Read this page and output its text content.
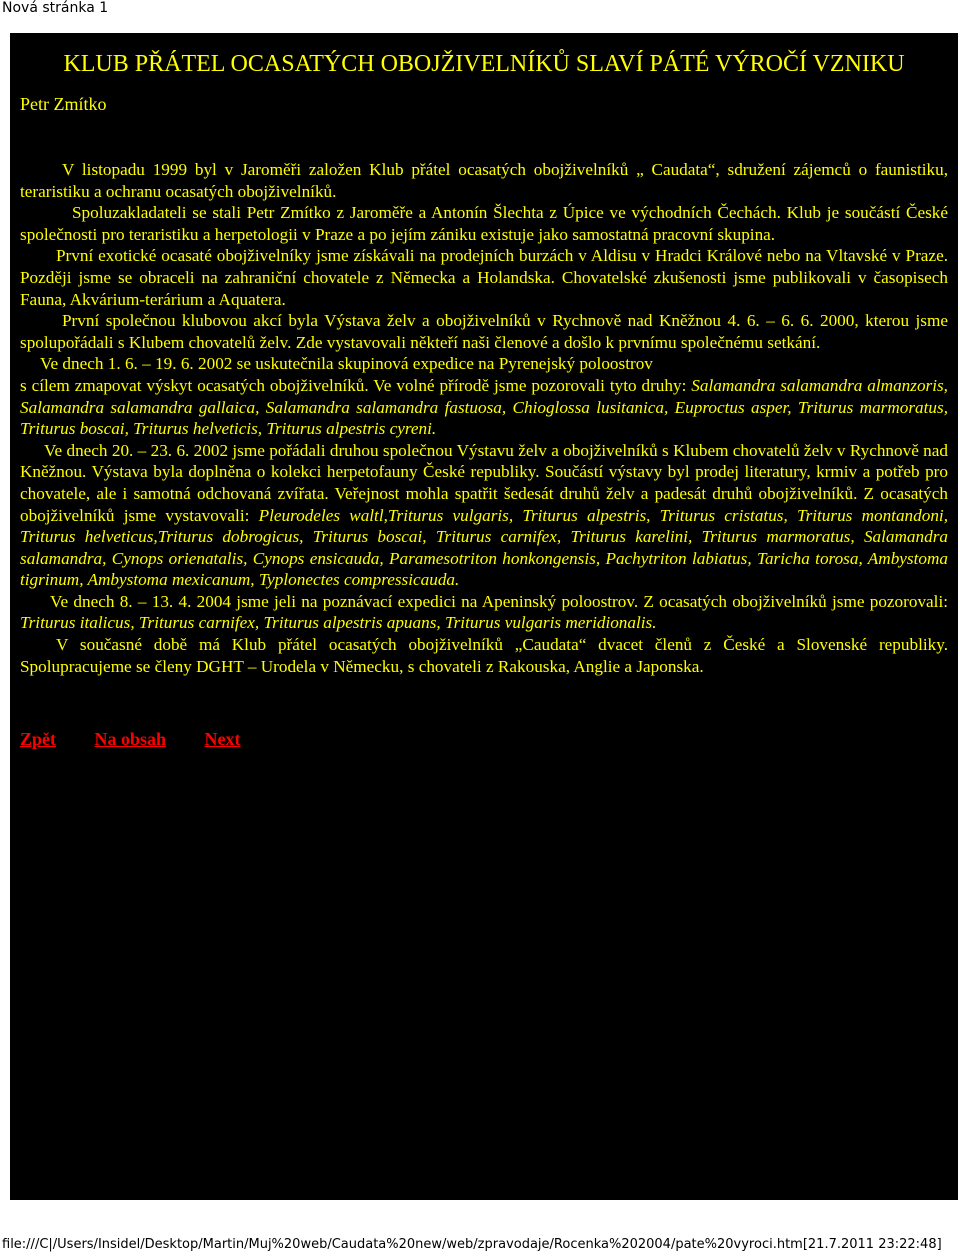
Nová stránka 1
KLUB PŘÁTEL OCASATÝCH OBOJŽIVELNÍKŮ SLAVÍ PÁTÉ VÝROČÍ VZNIKU
Petr Zmítko

V listopadu 1999 byl v Jaroměři založen Klub přátel ocasatých obojživelníků „ Caudata“, sdružení zájemců o faunistiku, teraristiku a ochranu ocasatých obojživelníků.

Spoluzakladateli se stali Petr Zmítko z Jaroměře a Antonín Šlechta z Úpice ve východních Čechách. Klub je součástí České společnosti pro teraristiku a herpetologii v Praze a po jejím zániku existuje jako samostatná pracovní skupina.

První exotické ocasaté obojživelníky jsme získávali na prodejních burzách v Aldisu v Hradci Králové nebo na Vltavské v Praze. Později jsme se obraceli na zahraniční chovatele z Německa a Holandska. Chovatelské zkušenosti jsme publikovali v časopisech Fauna, Akvárium-terárium a Aquatera.

První společnou klubovou akcí byla Výstava želv a obojživelníků v Rychnově nad Kněžnou 4. 6. – 6. 6. 2000, kterou jsme spolupořádali s Klubem chovatelů želv. Zde vystavovali někteří naši členové a došlo k prvnímu společnému setkání.

Ve dnech 1. 6. – 19. 6. 2002 se uskutečnila skupinová expedice na Pyrenejský poloostrov

s cílem zmapovat výskyt ocasatých obojživelníků. Ve volné přírodě jsme pozorovali tyto druhy: Salamandra salamandra almanzoris, Salamandra salamandra gallaica, Salamandra salamandra fastuosa, Chioglossa lusitanica, Euproctus asper, Triturus marmoratus, Triturus boscai, Triturus helveticis, Triturus alpestris cyreni.

Ve dnech 20. – 23. 6. 2002 jsme pořádali druhou společnou Výstavu želv a obojživelníků s Klubem chovatelů želv v Rychnově nad Kněžnou. Výstava byla doplněna o kolekci herpetofauny České republiky. Součástí výstavy byl prodej literatury, krmiv a potřeb pro chovatele, ale i samotná odchovaná zvířata. Veřejnost mohla spatřit šedesát druhů želv a padesát druhů obojživelníků. Z ocasatých obojživelníků jsme vystavovali: Pleurodeles waltl,Triturus vulgaris, Triturus alpestris, Triturus cristatus, Triturus montandoni, Triturus helveticus,Triturus dobrogicus, Triturus boscai, Triturus carnifex, Triturus karelini, Triturus marmoratus, Salamandra salamandra, Cynops orienatalis, Cynops ensicauda, Paramesotriton honkongensis, Pachytriton labiatus, Taricha torosa, Ambystoma tigrinum, Ambystoma mexicanum, Typlonectes compressicauda.

Ve dnech 8. – 13. 4. 2004 jsme jeli na poznávací expedici na Apeninský poloostrov. Z ocasatých obojživelníků jsme pozorovali: Triturus italicus, Triturus carnifex, Triturus alpestris apuans, Triturus vulgaris meridionalis.

V současné době má Klub přátel ocasatých obojživelníků „Caudata“ dvacet členů z České a Slovenské republiky. Spolupracujeme se členy DGHT – Urodela v Německu, s chovateli z Rakouska, Anglie a Japonska.

Zpět Na obsah Next
file:///C|/Users/Insidel/Desktop/Martin/Muj%20web/Caudata%20new/web/zpravodaje/Rocenka%202004/pate%20vyroci.htm[21.7.2011 23:22:48]
